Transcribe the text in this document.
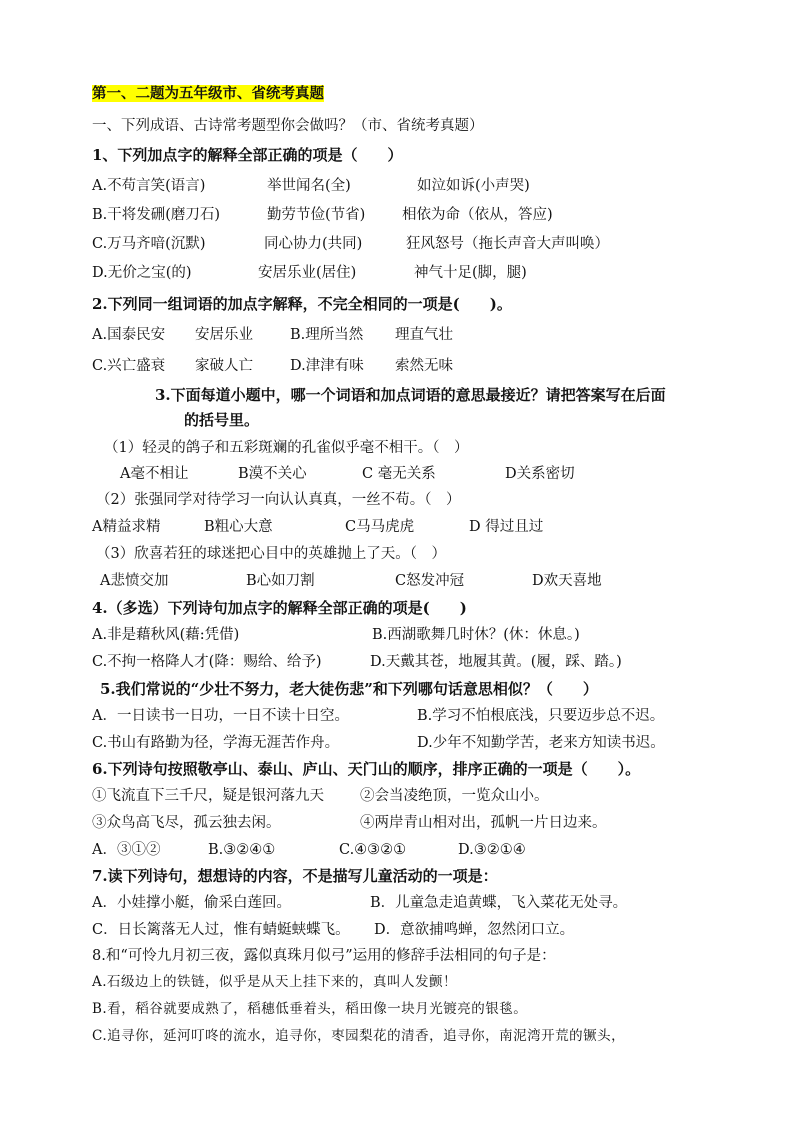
第一、二题为五年级市、省统考真题
一、下列成语、古诗常考题型你会做吗？（市、省统考真题）
1、下列加点字的解释全部正确的项是（　　）
A.不苟言笑(语言)	举世闻名(全)	如泣如诉(小声哭)
B.干将发硎(磨刀石)	勤劳节俭(节省)	相依为命（依从，答应)
C.万马齐喑(沉默)	同心协力(共同)	狂风怒号（拖长声音大声叫唤）
D.无价之宝(的)	安居乐业(居住)	神气十足(脚，腿)
2.下列同一组词语的加点字解释，不完全相同的一项是(　　)。
A.国泰民安 安居乐业	B.理所当然 理直气壮
C.兴亡盛衰 家破人亡	D.津津有味 索然无味
3.下面每道小题中，哪一个词语和加点词语的意思最接近？请把答案写在后面
的括号里。
（1）轻灵的鸽子和五彩斑斓的孔雀似乎毫不相干。（　）
A毫不相让	B漠不关心	C 毫无关系	D关系密切
（2）张强同学对待学习一向认认真真，一丝不苟。（　）
A精益求精	B粗心大意	C马马虎虎	D 得过且过
（3）欣喜若狂的球迷把心目中的英雄抛上了天。（　）
A悲愤交加	B心如刀割	C怒发冲冠	D欢天喜地
4.（多选）下列诗句加点字的解释全部正确的项是(　　)
A.非是藉秋风(藉:凭借)	B.西湖歌舞几时休？(休：休息。)
C.不拘一格降人才(降：赐给、给予)	D.天戴其苍，地履其黄。(履，踩、踏。)
5.我们常说的“少壮不努力，老大徒伤悲”和下列哪句话意思相似？（　　）
A．一日读书一日功，一日不读十日空。	B.学习不怕根底浅，只要迈步总不迟。
C.书山有路勤为径，学海无涯苦作舟。	D.少年不知勤学苦，老来方知读书迟。
6.下列诗句按照敬亭山、泰山、庐山、天门山的顺序，排序正确的一项是（　　）。
①飞流直下三千尺，疑是银河落九天 ②会当凌绝顶，一览众山小。
③众鸟高飞尽，孤云独去闲。	④两岸青山相对出，孤帆一片日边来。
A．③①②	B.③②④①	C.④③②①	D.③②①④
7.读下列诗句，想想诗的内容，不是描写儿童活动的一项是：
A．小娃撑小艇，偷采白莲回。	B．儿童急走追黄蝶，飞入菜花无处寻。
C．日长篱落无人过，惟有蜻蜓蛱蝶飞。 D．意欲捕鸣蝉，忽然闭口立。
8.和“可怜九月初三夜，露似真珠月似弓”运用的修辞手法相同的句子是：
A.石级边上的铁链，似乎是从天上挂下来的，真叫人发颤！
B.看，稻谷就要成熟了，稻穗低垂着头，稻田像一块月光镀亮的银毯。
C.追寻你，延河叮咚的流水，追寻你，枣园梨花的清香，追寻你，南泥湾开荒的镢头，
